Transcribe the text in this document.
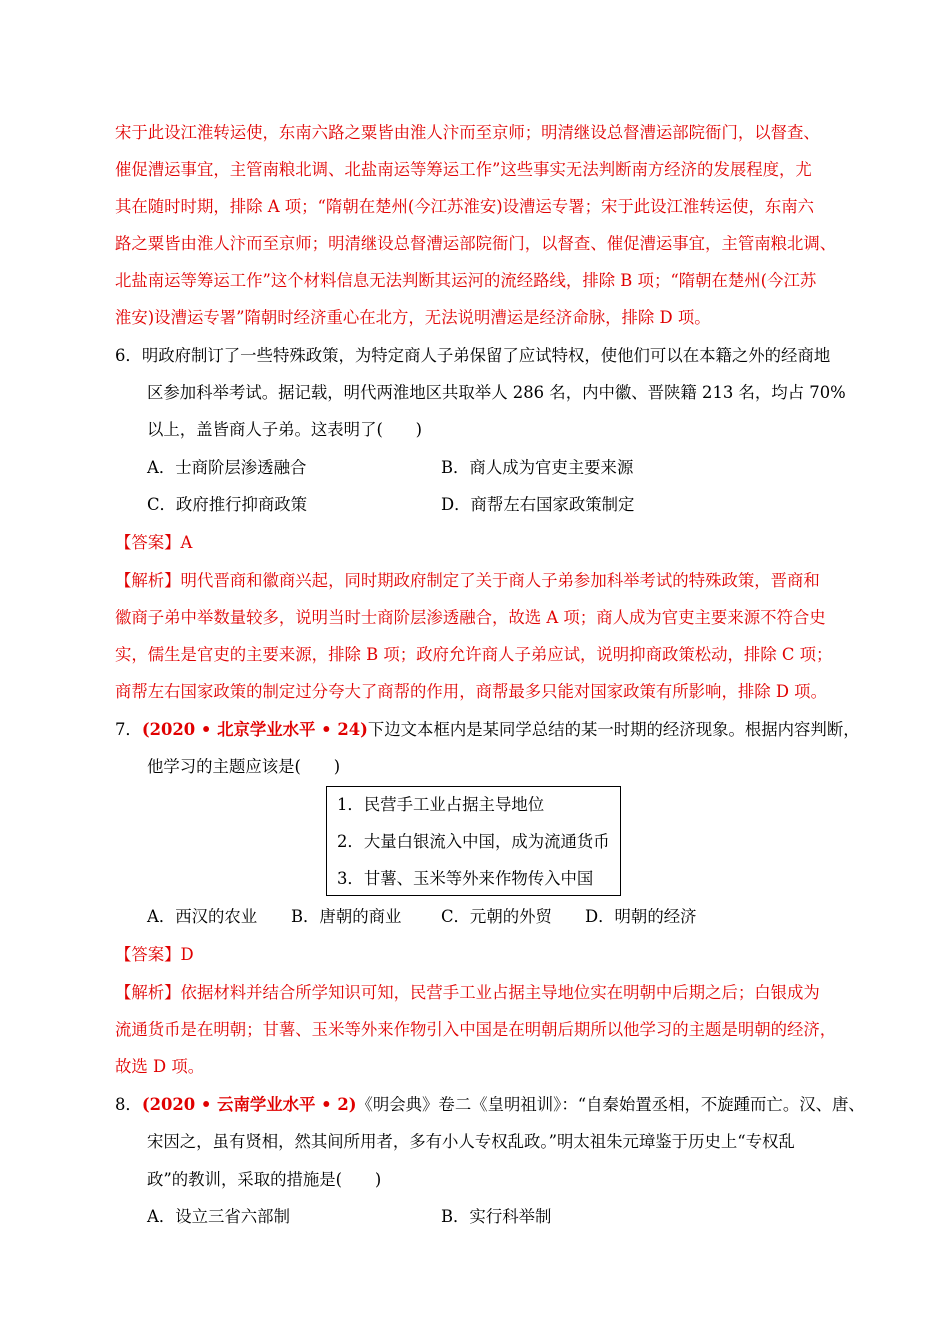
宋于此设江淮转运使，东南六路之粟皆由淮人汴而至京师；明清继设总督漕运部院衙门，以督查、
催促漕运事宜，主管南粮北调、北盐南运等筹运工作”这些事实无法判断南方经济的发展程度，尤
其在随时时期，排除 A 项；“隋朝在楚州(今江苏淮安)设漕运专署；宋于此设江淮转运使，东南六
路之粟皆由淮人汴而至京师；明清继设总督漕运部院衙门，以督查、催促漕运事宜，主管南粮北调、
北盐南运等筹运工作”这个材料信息无法判断其运河的流经路线，排除 B 项；“隋朝在楚州(今江苏
淮安)设漕运专署”隋朝时经济重心在北方，无法说明漕运是经济命脉，排除 D 项。
6．明政府制订了一些特殊政策，为特定商人子弟保留了应试特权，使他们可以在本籍之外的经商地
区参加科举考试。据记载，明代两淮地区共取举人 286 名，内中徽、晋陕籍 213 名，均占 70%
以上，盖皆商人子弟。这表明了(　　)
A．士商阶层渗透融合	B．商人成为官吏主要来源
C．政府推行抑商政策	D．商帮左右国家政策制定
【答案】A
【解析】明代晋商和徽商兴起，同时期政府制定了关于商人子弟参加科举考试的特殊政策，晋商和
徽商子弟中举数量较多，说明当时士商阶层渗透融合，故选 A 项；商人成为官吏主要来源不符合史
实，儒生是官吏的主要来源，排除 B 项；政府允许商人子弟应试，说明抑商政策松动，排除 C 项；
商帮左右国家政策的制定过分夸大了商帮的作用，商帮最多只能对国家政策有所影响，排除 D 项。
7．(2020 • 北京学业水平 • 24)下边文本框内是某同学总结的某一时期的经济现象。根据内容判断，
他学习的主题应该是(　　)
1．民营手工业占据主导地位
2．大量白银流入中国，成为流通货币
3．甘薯、玉米等外来作物传入中国
A．西汉的农业 B．唐朝的商业 C．元朝的外贸 D．明朝的经济
【答案】D
【解析】依据材料并结合所学知识可知，民营手工业占据主导地位实在明朝中后期之后；白银成为
流通货币是在明朝；甘薯、玉米等外来作物引入中国是在明朝后期所以他学习的主题是明朝的经济，
故选 D 项。
8．(2020 • 云南学业水平 • 2)《明会典》卷二《皇明祖训》：“自秦始置丞相，不旋踵而亡。汉、唐、
宋因之，虽有贤相，然其间所用者，多有小人专权乱政。”明太祖朱元璋鉴于历史上“专权乱
政”的教训，采取的措施是(　　)
A．设立三省六部制	B．实行科举制
